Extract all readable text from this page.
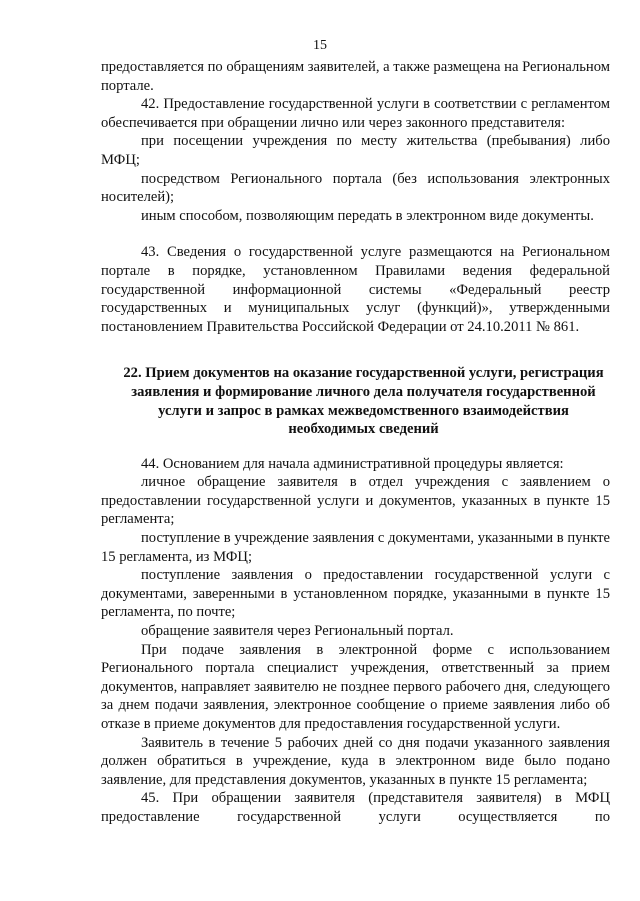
15

предоставляется по обращениям заявителей, а также размещена на Региональном портале.

42. Предоставление государственной услуги в соответствии с регламентом обеспечивается при обращении лично или через законного представителя:

при посещении учреждения по месту жительства (пребывания) либо МФЦ;

посредством Регионального портала (без использования электронных носителей);

иным способом, позволяющим передать в электронном виде документы.

43. Сведения о государственной услуге размещаются на Региональном портале в порядке, установленном Правилами ведения федеральной государственной информационной системы «Федеральный реестр государственных и муниципальных услуг (функций)», утвержденными постановлением Правительства Российской Федерации от 24.10.2011 № 861.

22. Прием документов на оказание государственной услуги, регистрация заявления и формирование личного дела получателя государственной услуги и запрос в рамках межведомственного взаимодействия необходимых сведений

44. Основанием для начала административной процедуры является:

личное обращение заявителя в отдел учреждения с заявлением о предоставлении государственной услуги и документов, указанных в пункте 15 регламента;

поступление в учреждение заявления с документами, указанными в пункте 15 регламента, из МФЦ;

поступление заявления о предоставлении государственной услуги с документами, заверенными в установленном порядке, указанными в пункте 15 регламента, по почте;

обращение заявителя через Региональный портал.

При подаче заявления в электронной форме с использованием Регионального портала специалист учреждения, ответственный за прием документов, направляет заявителю не позднее первого рабочего дня, следующего за днем подачи заявления, электронное сообщение о приеме заявления либо об отказе в приеме документов для предоставления государственной услуги.

Заявитель в течение 5 рабочих дней со дня подачи указанного заявления должен обратиться в учреждение, куда в электронном виде было подано заявление, для представления документов, указанных в пункте 15 регламента;

45. При обращении заявителя (представителя заявителя) в МФЦ предоставление государственной услуги осуществляется по
